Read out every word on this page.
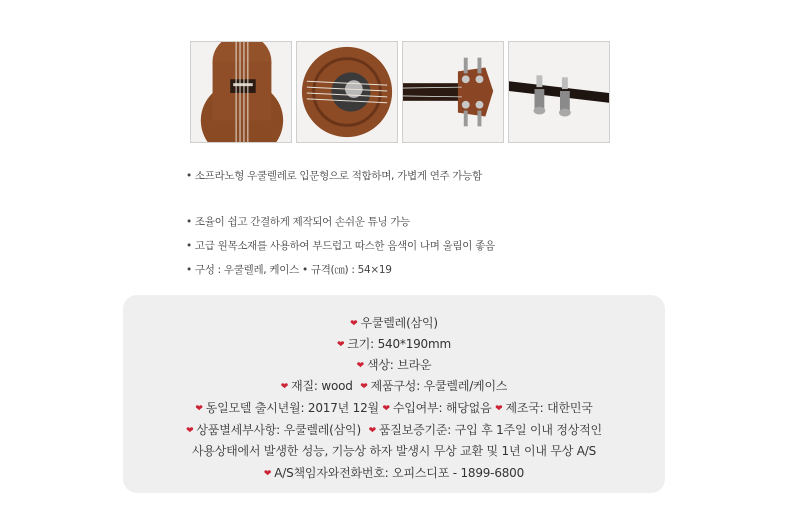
• 소프라노형 우쿨렐레로 입문형으로 적합하며, 가볍게 연주 가능함
• 조율이 쉽고 간결하게 제작되어 손쉬운 튜닝 가능
• 고급 원목소재를 사용하여 부드럽고 따스한 음색이 나며 울림이 좋음
• 구성 : 우쿨렐레, 케이스 • 규격(㎝) : 54×19
❤ 우쿨렐레(삼익)
❤ 크기: 540*190mm
❤ 색상: 브라운
❤ 재질: wood ❤ 제품구성: 우쿨렐레/케이스
❤ 동일모델 출시년월: 2017년 12월 ❤ 수입여부: 해당없음 ❤ 제조국: 대한민국
❤ 상품별세부사항: 우쿨렐레(삼익) ❤ 품질보증기준: 구입 후 1주일 이내 정상적인
사용상태에서 발생한 성능, 기능상 하자 발생시 무상 교환 및 1년 이내 무상 A/S
❤ A/S책임자와전화번호: 오피스디포 - 1899-6800
